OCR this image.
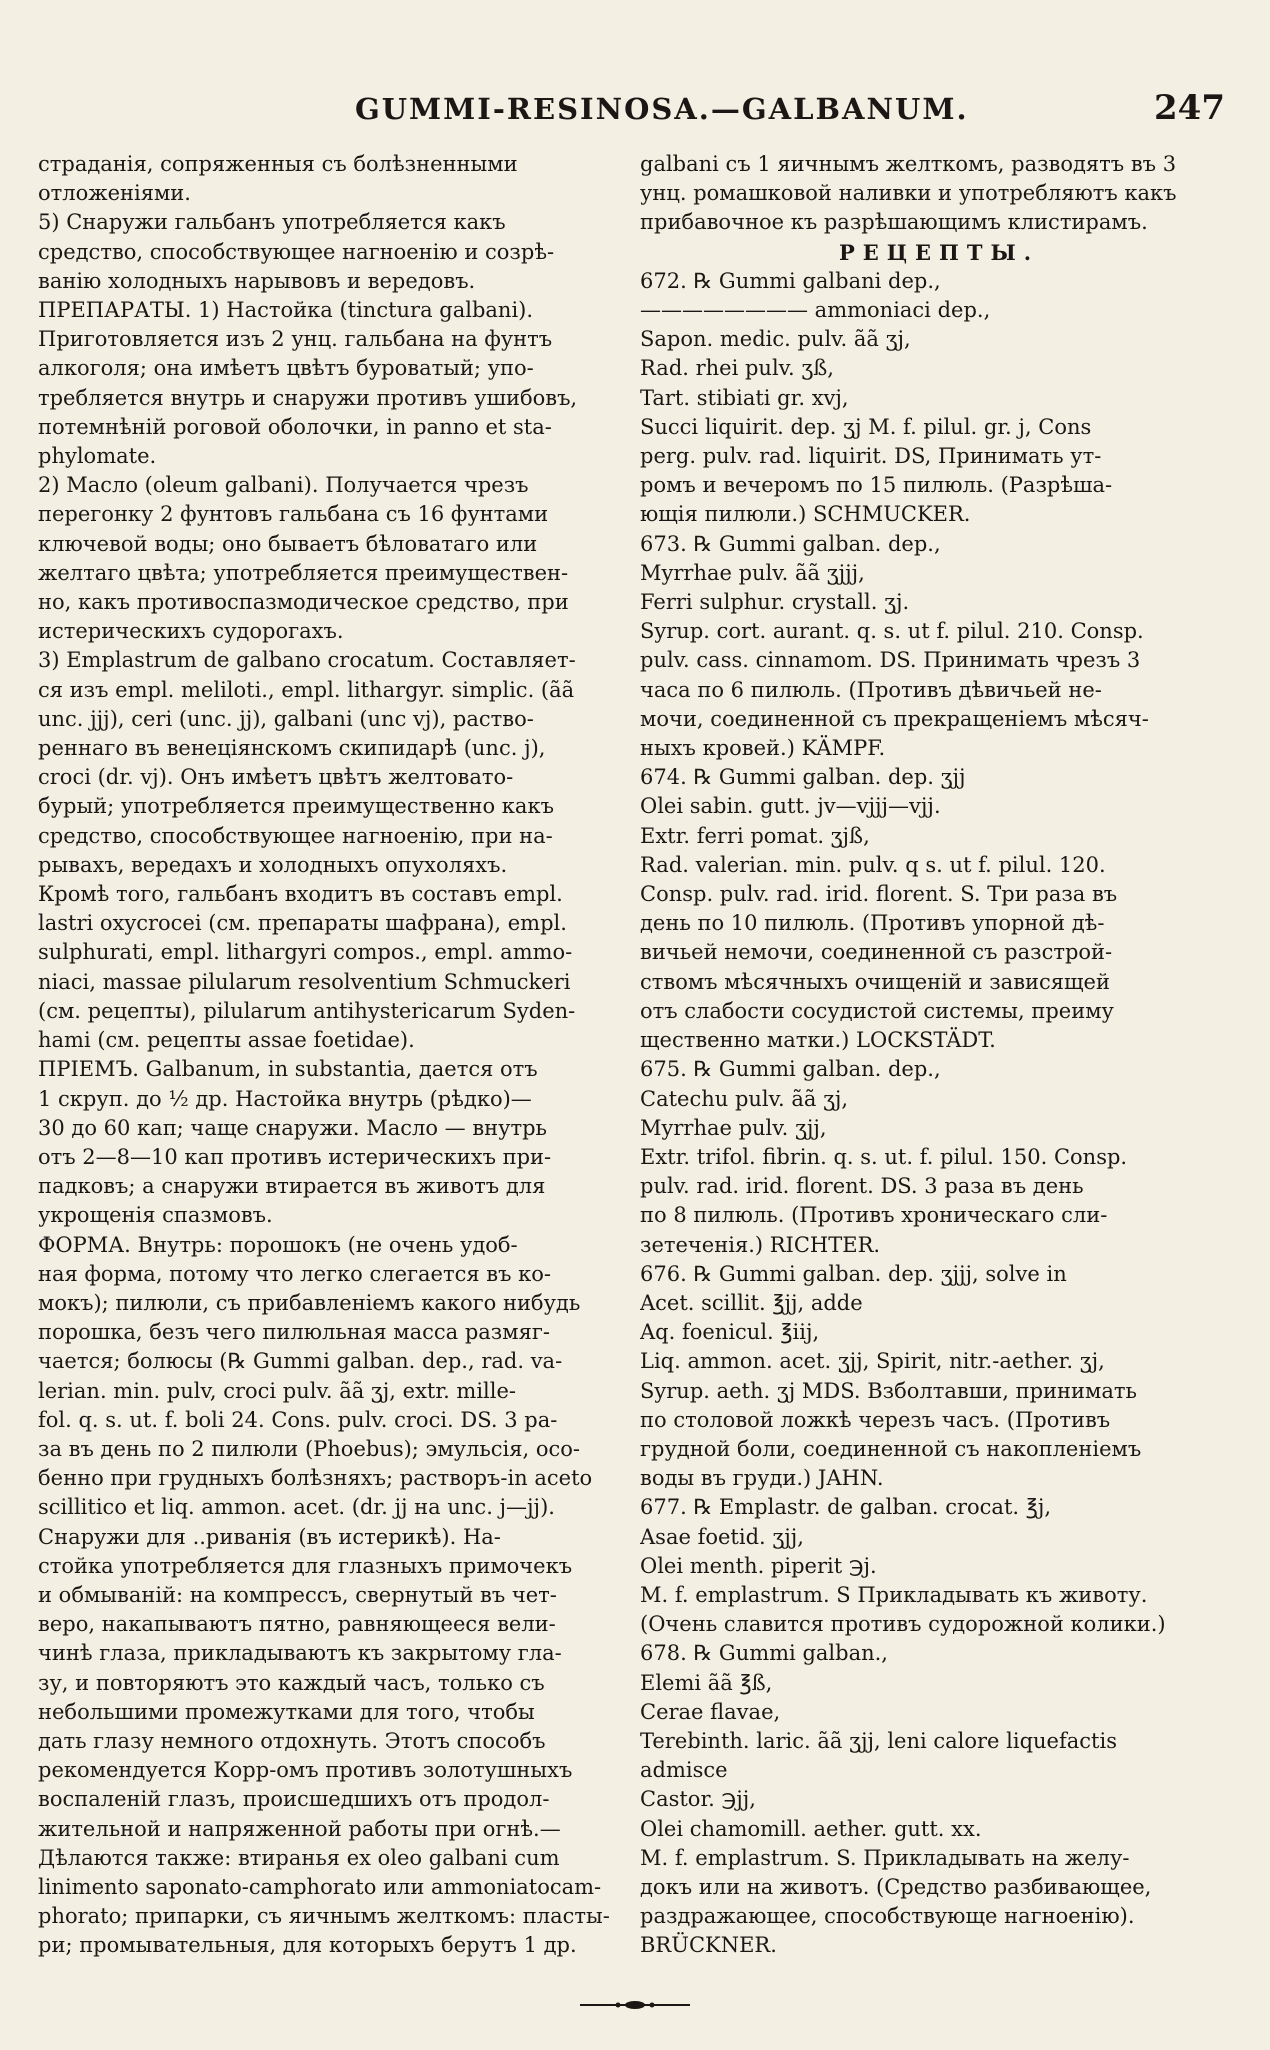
GUMMI-RESINOSA.—GALBANUM.	247
страданія, сопряженныя съ болѣзненными
отложеніями.
5) Снаружи гальбанъ употребляется какъ
средство, способствующее нагноенію и созрѣ-
ванію холодныхъ нарывовъ и вередовъ.
ПРЕПАРАТЫ. 1) Настойка (tinctura galbani).
Приготовляется изъ 2 унц. гальбана на фунтъ
алкоголя; она имѣетъ цвѣтъ буроватый; упо-
требляется внутрь и снаружи противъ ушибовъ,
потемнѣній роговой оболочки, in panno et sta-
phylomate.
2) Масло (oleum galbani). Получается чрезъ
перегонку 2 фунтовъ гальбана съ 16 фунтами
ключевой воды; оно бываетъ бѣловатаго или
желтаго цвѣта; употребляется преимуществен-
но, какъ противоспазмодическое средство, при
истерическихъ судорогахъ.
3) Emplastrum de galbano crocatum. Составляет-
ся изъ empl. meliloti., empl. lithargyr. simplic. (ãã
unc. jjj), cerі (unc. jj), galbani (unc vj), раство-
реннаго въ венеціянскомъ скипидарѣ (unc. j),
croci (dr. vj). Онъ имѣетъ цвѣтъ желтовато-
бурый; употребляется преимущественно какъ
средство, способствующее нагноенію, при на-
рывахъ, вередахъ и холодныхъ опухоляхъ.
Кромѣ того, гальбанъ входитъ въ составъ empl.
lastri oxycrocei (см. препараты шафрана), empl.
sulphurati, empl. lithargyri compos., empl. ammo-
niaci, massae pilularum resolventium Schmuckeri
(см. рецепты), pilularum antihystericarum Syden-
hami (см. рецепты assae foetidae).
ПРІЕМЪ. Galbanum, in substantia, дается отъ
1 скруп. до ½ др. Настойка внутрь (рѣдко)—
30 до 60 кап; чаще снаружи. Масло — внутрь
отъ 2—8—10 кап противъ истерическихъ при-
падковъ; а снаружи втирается въ животъ для
укрощенія спазмовъ.
ФОРМА. Внутрь: порошокъ (не очень удоб-
ная форма, потому что легко слегается въ ко-
мокъ); пилюли, съ прибавленіемъ какого нибудь
порошка, безъ чего пилюльная масса размяг-
чается; болюсы (℞ Gummi galban. dep., rad. va-
lerian. min. pulv, croci pulv. ãã ʒj, extr. mille-
fol. q. s. ut. f. boli 24. Cons. pulv. croci. DS. 3 ра-
за въ день по 2 пилюли (Phoebus); эмульсія, осо-
бенно при грудныхъ болѣзняхъ; растворъ-in aceto
scillitico et liq. ammon. acet. (dr. jj на unc. j—jj).
Снаружи для ..риванія (въ истерикѣ). На-
стойка употребляется для глазныхъ примочекъ
и обмываній: на компрессъ, свернутый въ чет-
веро, накапываютъ пятно, равняющееся вели-
чинѣ глаза, прикладываютъ къ закрытому гла-
зу, и повторяютъ это каждый часъ, только съ
небольшими промежутками для того, чтобы
дать глазу немного отдохнуть. Этотъ способъ
рекомендуется Корр-омъ противъ золотушныхъ
воспаленій глазъ, происшедшихъ отъ продол-
жительной и напряженной работы при огнѣ.—
Дѣлаются также: втиранья ex oleo galbani cum
linimento saponato-camphorato или ammoniatocam-
phorato; припарки, съ яичнымъ желткомъ: пласты-
ри; промывательныя, для которыхъ берутъ 1 др.
galbani съ 1 яичнымъ желткомъ, разводятъ въ 3
унц. ромашковой наливки и употребляютъ какъ
прибавочное къ разрѣшающимъ клистирамъ.
РЕЦЕПТЫ.
672. ℞ Gummi galbani dep.,
———————— ammoniaci dep.,
Sapon. medic. pulv. ãã ʒj,
Rad. rhei pulv. ʒß,
Tart. stibiati gr. xvj,
Succi liquirit. dep. ʒj M. f. pilul. gr. j, Cons
perg. pulv. rad. liquirit. DS, Принимать ут-
ромъ и вечеромъ по 15 пилюль. (Разрѣша-
ющія пилюли.) SCHMUCKER.
673. ℞ Gummi galban. dep.,
Myrrhae pulv. ãã ʒjjj,
Ferri sulphur. crystall. ʒj.
Syrup. cort. aurant. q. s. ut f. pilul. 210. Consp.
pulv. cass. cinnamom. DS. Принимать чрезъ 3
часа по 6 пилюль. (Противъ дѣвичьей не-
мочи, соединенной съ прекращеніемъ мѣсяч-
ныхъ кровей.) KÄMPF.
674. ℞ Gummi galban. dep. ʒjj
Olei sabin. gutt. jv—vjjj—vjj.
Extr. ferri pomat. ʒjß,
Rad. valerian. min. pulv. q s. ut f. pilul. 120.
Consp. pulv. rad. irid. florent. S. Три раза въ
день по 10 пилюль. (Противъ упорной дѣ-
вичьей немочи, соединенной съ разстрой-
ствомъ мѣсячныхъ очищеній и зависящей
отъ слабости сосудистой системы, преиму
щественно матки.) LOCKSTÄDT.
675. ℞ Gummi galban. dep.,
Catechu pulv. ãã ʒj,
Myrrhae pulv. ʒjj,
Extr. trifol. fibrin. q. s. ut. f. pilul. 150. Consp.
pulv. rad. irid. florent. DS. 3 раза въ день
по 8 пилюль. (Противъ хроническаго сли-
зетеченія.) RICHTER.
676. ℞ Gummi galban. dep. ʒjjj, solve in
Acet. scillit. ℥jj, adde
Aq. foenicul. ℥iij,
Liq. ammon. acet. ʒjj, Spirit, nitr.-aether. ʒj,
Syrup. aeth. ʒj MDS. Взболтавши, принимать
по столовой ложкѣ черезъ часъ. (Противъ
грудной боли, соединенной съ накопленіемъ
воды въ груди.) JAHN.
677. ℞ Emplastr. de galban. crocat. ℥j,
Asae foetid. ʒjj,
Olei menth. piperit ℈j.
M. f. emplastrum. S Прикладывать къ животу.
(Очень славится противъ судорожной колики.)
678. ℞ Gummi galban.,
Elemi ãã ℥ß,
Cerae flavae,
Terebinth. laric. ãã ʒjj, leni calore liquefactis
admisce
Castor. ℈jj,
Olei chamomill. aether. gutt. xx.
M. f. emplastrum. S. Прикладывать на желу-
докъ или на животъ. (Средство разбивающее,
раздражающее, способствующе нагноенію).
BRÜCKNER.
